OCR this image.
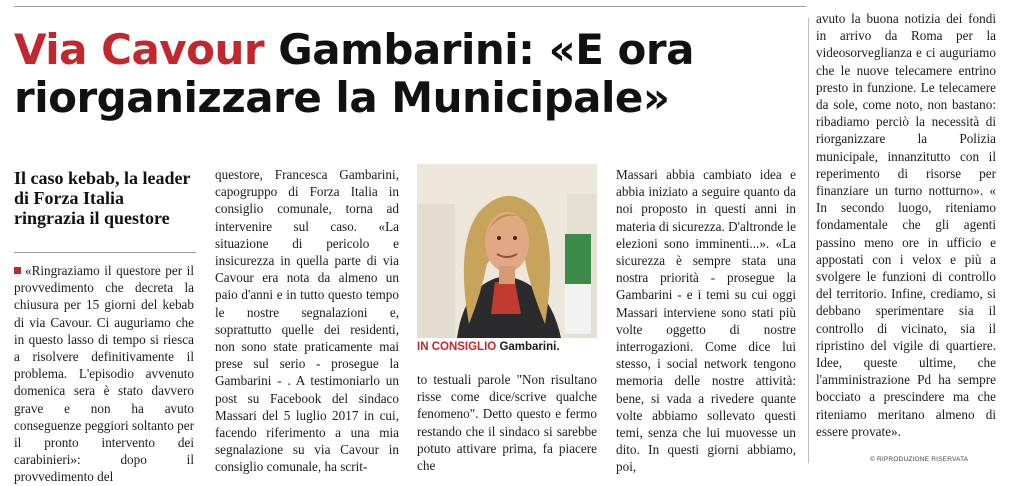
Via Cavour Gambarini: «E ora riorganizzare la Municipale»
Il caso kebab, la leader di Forza Italia ringrazia il questore

«Ringraziamo il questore per il provvedimento che decreta la chiusura per 15 giorni del kebab di via Cavour. Ci auguriamo che in questo lasso di tempo si riesca a risolvere definitivamente il problema. L'episodio avvenuto domenica sera è stato davvero grave e non ha avuto conseguenze peggiori soltanto per il pronto intervento dei carabinieri»: dopo il provvedimento del

questore, Francesca Gambarini, capogruppo di Forza Italia in consiglio comunale, torna ad intervenire sul caso. «La situazione di pericolo e insicurezza in quella parte di via Cavour era nota da almeno un paio d'anni e in tutto questo tempo le nostre segnalazioni e, soprattutto quelle dei residenti, non sono state praticamente mai prese sul serio - prosegue la Gambarini - . A testimoniarlo un post su Facebook del sindaco Massari del 5 luglio 2017 in cui, facendo riferimento a una mia segnalazione su via Cavour in consiglio comunale, ha scrit-

IN CONSIGLIO Gambarini.

to testuali parole "Non risultano risse come dice/scrive qualche fenomeno". Detto questo e fermo restando che il sindaco si sarebbe potuto attivare prima, fa piacere che

Massari abbia cambiato idea e abbia iniziato a seguire quanto da noi proposto in questi anni in materia di sicurezza. D'altronde le elezioni sono imminenti...». «La sicurezza è sempre stata una nostra priorità - prosegue la Gambarini - e i temi su cui oggi Massari interviene sono stati più volte oggetto di nostre interrogazioni. Come dice lui stesso, i social network tengono memoria delle nostre attività: bene, si vada a rivedere quante volte abbiamo sollevato questi temi, senza che lui muovesse un dito. In questi giorni abbiamo, poi,

avuto la buona notizia dei fondi in arrivo da Roma per la videosorveglianza e ci auguriamo che le nuove telecamere entrino presto in funzione. Le telecamere da sole, come noto, non bastano: ribadiamo perciò la necessità di riorganizzare la Polizia municipale, innanzitutto con il reperimento di risorse per finanziare un turno notturno». « In secondo luogo, riteniamo fondamentale che gli agenti passino meno ore in ufficio e appostati con i velox e più a svolgere le funzioni di controllo del territorio. Infine, crediamo, si debbano sperimentare sia il controllo di vicinato, sia il ripristino del vigile di quartiere. Idee, queste ultime, che l'amministrazione Pd ha sempre bocciato a prescindere ma che riteniamo meritano almeno di essere provate».

© RIPRODUZIONE RISERVATA
